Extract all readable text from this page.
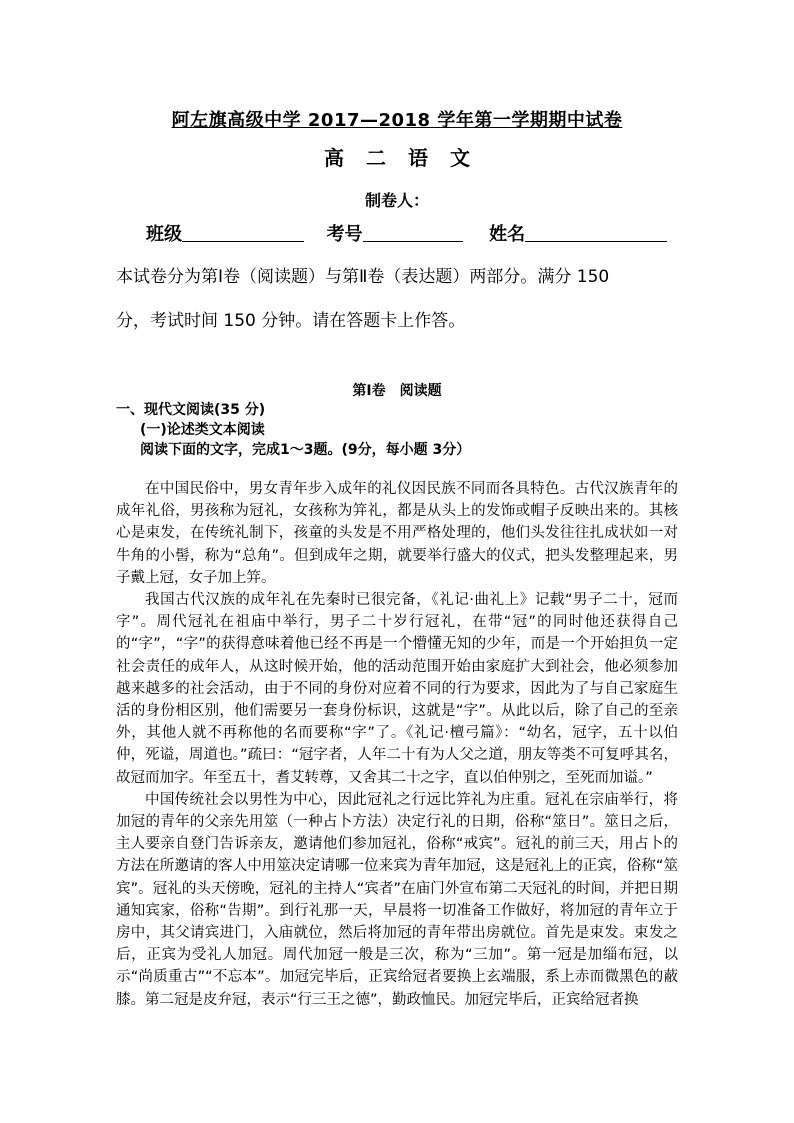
阿左旗高级中学 2017—2018 学年第一学期期中试卷
高二语文
制卷人：
班级	考号	姓名
本试卷分为第Ⅰ卷（阅读题）与第Ⅱ卷（表达题）两部分。满分 150
分，考试时间 150 分钟。请在答题卡上作答。
第Ⅰ卷　阅读题
一、现代文阅读(35 分)
(一)论述类文本阅读
阅读下面的文字，完成1～3题。(9分，每小题 3分）

在中国民俗中，男女青年步入成年的礼仪因民族不同而各具特色。古代汉族青年的成年礼俗，男孩称为冠礼，女孩称为笄礼，都是从头上的发饰或帽子反映出来的。其核心是束发，在传统礼制下，孩童的头发是不用严格处理的，他们头发往往扎成状如一对牛角的小髻，称为“总角”。但到成年之期，就要举行盛大的仪式，把头发整理起来，男子戴上冠，女子加上笄。

我国古代汉族的成年礼在先秦时已很完备，《礼记·曲礼上》记载“男子二十，冠而字”。周代冠礼在祖庙中举行，男子二十岁行冠礼，在带“冠”的同时他还获得自己的“字”，“字”的获得意味着他已经不再是一个懵懂无知的少年，而是一个开始担负一定社会责任的成年人，从这时候开始，他的活动范围开始由家庭扩大到社会，他必须参加越来越多的社会活动，由于不同的身份对应着不同的行为要求，因此为了与自己家庭生活的身份相区别，他们需要另一套身份标识，这就是“字”。从此以后，除了自己的至亲外，其他人就不再称他的名而要称“字”了。《礼记·檀弓篇》：“幼名，冠字，五十以伯仲，死谥，周道也。”疏曰：“冠字者，人年二十有为人父之道，朋友等类不可复呼其名，故冠而加字。年至五十，耆艾转尊，又舍其二十之字，直以伯仲别之，至死而加谥。”

中国传统社会以男性为中心，因此冠礼之行远比笄礼为庄重。冠礼在宗庙举行，将加冠的青年的父亲先用筮（一种占卜方法）决定行礼的日期，俗称“筮日”。筮日之后，主人要亲自登门告诉亲友，邀请他们参加冠礼，俗称“戒宾”。冠礼的前三天，用占卜的方法在所邀请的客人中用筮决定请哪一位来宾为青年加冠，这是冠礼上的正宾，俗称“筮宾”。冠礼的头天傍晚，冠礼的主持人“宾者”在庙门外宣布第二天冠礼的时间，并把日期通知宾家，俗称“告期”。到行礼那一天，早晨将一切准备工作做好，将加冠的青年立于房中，其父请宾进门，入庙就位，然后将加冠的青年带出房就位。首先是束发。束发之后，正宾为受礼人加冠。周代加冠一般是三次，称为“三加”。第一冠是加缁布冠，以示“尚质重古”“不忘本”。加冠完毕后，正宾给冠者要换上玄端服，系上赤而微黑色的蔽膝。第二冠是皮弁冠，表示“行三王之德”，勤政恤民。加冠完毕后，正宾给冠者换
